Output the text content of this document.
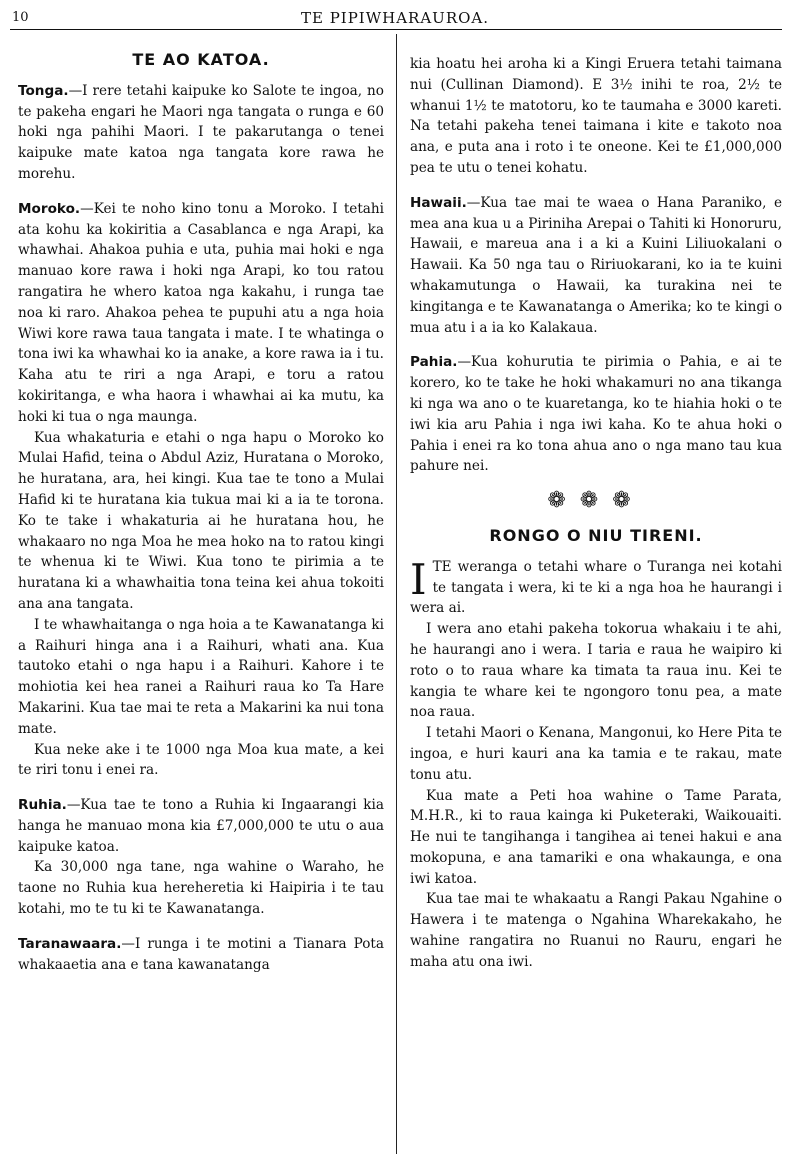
10	TE PIPIWHARAUROA.
TE AO KATOA.

Tonga.—I rere tetahi kaipuke ko Salote te ingoa, no te pakeha engari he Maori nga tangata o runga e 60 hoki nga pahihi Maori. I te pakarutanga o tenei kaipuke mate katoa nga tangata kore rawa he morehu.

Moroko.—Kei te noho kino tonu a Moroko. I tetahi ata kohu ka kokiritia a Casablanca e nga Arapi, ka whawhai. Ahakoa puhia e uta, puhia mai hoki e nga manuao kore rawa i hoki nga Arapi, ko tou ratou rangatira he whero katoa nga kakahu, i runga tae noa ki raro. Ahakoa pehea te pupuhi atu a nga hoia Wiwi kore rawa taua tangata i mate. I te whatinga o tona iwi ka whawhai ko ia anake, a kore rawa ia i tu. Kaha atu te riri a nga Arapi, e toru a ratou kokiritanga, e wha haora i whawhai ai ka mutu, ka hoki ki tua o nga maunga.

Kua whakaturia e etahi o nga hapu o Moroko ko Mulai Hafid, teina o Abdul Aziz, Huratana o Moroko, he huratana, ara, hei kingi. Kua tae te tono a Mulai Hafid ki te huratana kia tukua mai ki a ia te torona. Ko te take i whakaturia ai he huratana hou, he whakaaro no nga Moa he mea hoko na to ratou kingi te whenua ki te Wiwi. Kua tono te pirimia a te huratana ki a whawhaitia tona teina kei ahua tokoiti ana ana tangata.

I te whawhaitanga o nga hoia a te Kawanatanga ki a Raihuri hinga ana i a Raihuri, whati ana. Kua tautoko etahi o nga hapu i a Raihuri. Kahore i te mohiotia kei hea ranei a Raihuri raua ko Ta Hare Makarini. Kua tae mai te reta a Makarini ka nui tona mate.

Kua neke ake i te 1000 nga Moa kua mate, a kei te riri tonu i enei ra.

Ruhia.—Kua tae te tono a Ruhia ki Ingaarangi kia hanga he manuao mona kia £7,000,000 te utu o aua kaipuke katoa.

Ka 30,000 nga tane, nga wahine o Waraho, he taone no Ruhia kua hereheretia ki Haipiria i te tau kotahi, mo te tu ki te Kawanatanga.

Taranawaara.—I runga i te motini a Tianara Pota whakaaetia ana e tana kawanatanga

kia hoatu hei aroha ki a Kingi Eruera tetahi taimana nui (Cullinan Diamond). E 3½ inihi te roa, 2½ te whanui 1½ te matotoru, ko te taumaha e 3000 kareti. Na tetahi pakeha tenei taimana i kite e takoto noa ana, e puta ana i roto i te oneone. Kei te £1,000,000 pea te utu o tenei kohatu.

Hawaii.—Kua tae mai te waea o Hana Paraniko, e mea ana kua u a Piriniha Arepai o Tahiti ki Honoruru, Hawaii, e mareua ana i a ki a Kuini Liliuokalani o Hawaii. Ka 50 nga tau o Ririuokarani, ko ia te kuini whakamutunga o Hawaii, ka turakina nei te kingitanga e te Kawanatanga o Amerika; ko te kingi o mua atu i a ia ko Kalakaua.

Pahia.—Kua kohurutia te pirimia o Pahia, e ai te korero, ko te take he hoki whakamuri no ana tikanga ki nga wa ano o te kuaretanga, ko te hiahia hoki o te iwi kia aru Pahia i nga iwi kaha. Ko te ahua hoki o Pahia i enei ra ko tona ahua ano o nga mano tau kua pahure nei.

❁❁❁
RONGO O NIU TIRENI.

ITE weranga o tetahi whare o Turanga nei kotahi te tangata i wera, ki te ki a nga hoa he haurangi i wera ai.

I wera ano etahi pakeha tokorua whakaiu i te ahi, he haurangi ano i wera. I taria e raua he waipiro ki roto o to raua whare ka timata ta raua inu. Kei te kangia te whare kei te ngongoro tonu pea, a mate noa raua.

I tetahi Maori o Kenana, Mangonui, ko Here Pita te ingoa, e huri kauri ana ka tamia e te rakau, mate tonu atu.

Kua mate a Peti hoa wahine o Tame Parata, M.H.R., ki to raua kainga ki Puketeraki, Waikouaiti. He nui te tangihanga i tangihea ai tenei hakui e ana mokopuna, e ana tamariki e ona whakaunga, e ona iwi katoa.

Kua tae mai te whakaatu a Rangi Pakau Ngahine o Hawera i te matenga o Ngahina Wharekakaho, he wahine rangatira no Ruanui no Rauru, engari he maha atu ona iwi.
